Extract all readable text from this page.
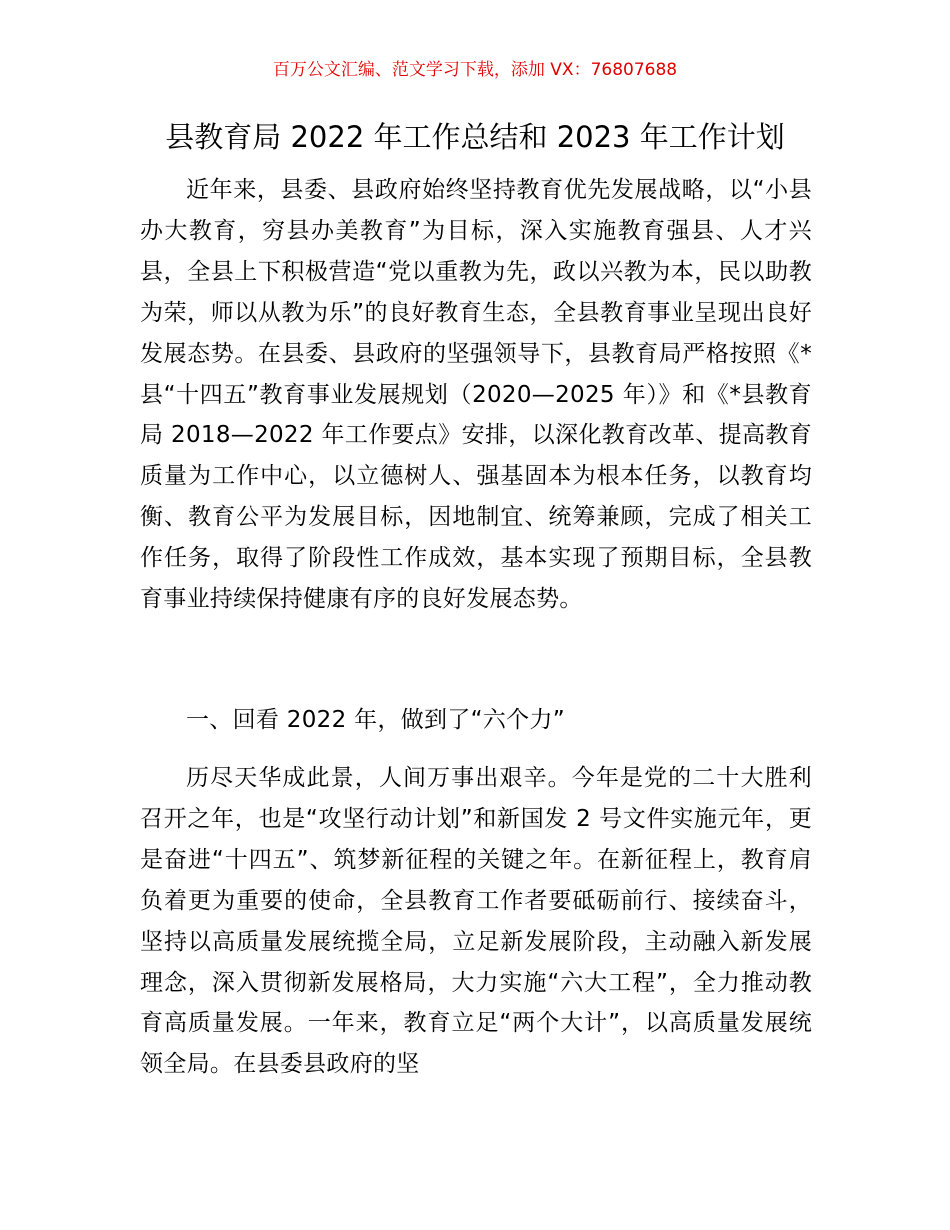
百万公文汇编、范文学习下载，添加 VX：76807688
县教育局 2022 年工作总结和 2023 年工作计划

近年来，县委、县政府始终坚持教育优先发展战略，以“小县办大教育，穷县办美教育”为目标，深入实施教育强县、人才兴县，全县上下积极营造“党以重教为先，政以兴教为本，民以助教为荣，师以从教为乐”的良好教育生态，全县教育事业呈现出良好发展态势。在县委、县政府的坚强领导下，县教育局严格按照《*县“十四五”教育事业发展规划（2020—2025 年）》和《*县教育局 2018—2022 年工作要点》安排，以深化教育改革、提高教育质量为工作中心，以立德树人、强基固本为根本任务，以教育均衡、教育公平为发展目标，因地制宜、统筹兼顾，完成了相关工作任务，取得了阶段性工作成效，基本实现了预期目标，全县教育事业持续保持健康有序的良好发展态势。

一、回看 2022 年，做到了“六个力”

历尽天华成此景，人间万事出艰辛。今年是党的二十大胜利召开之年，也是“攻坚行动计划”和新国发 2 号文件实施元年，更是奋进“十四五”、筑梦新征程的关键之年。在新征程上，教育肩负着更为重要的使命，全县教育工作者要砥砺前行、接续奋斗，坚持以高质量发展统揽全局，立足新发展阶段，主动融入新发展理念，深入贯彻新发展格局，大力实施“六大工程”，全力推动教育高质量发展。一年来，教育立足“两个大计”，以高质量发展统领全局。在县委县政府的坚
